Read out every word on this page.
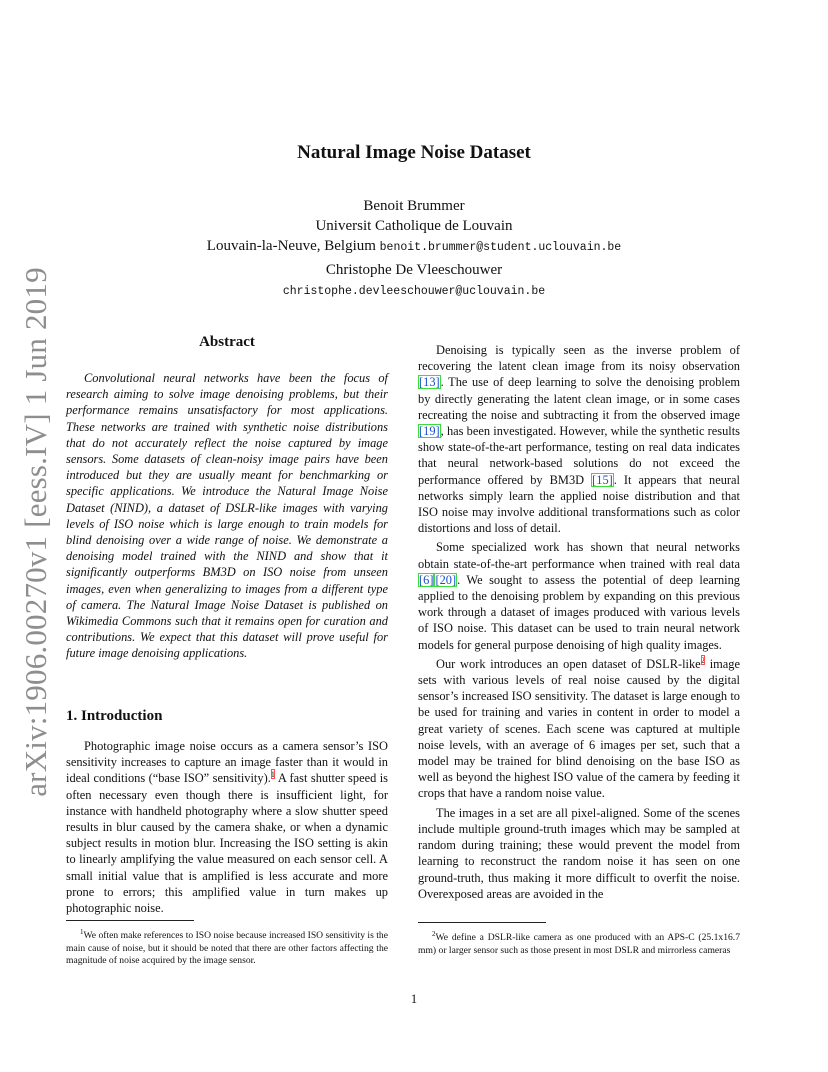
arXiv:1906.00270v1 [eess.IV] 1 Jun 2019
Natural Image Noise Dataset
Benoit Brummer
Universit Catholique de Louvain
Louvain-la-Neuve, Belgium benoit.brummer@student.uclouvain.be
Christophe De Vleeschouwer
christophe.devleeschouwer@uclouvain.be
Abstract
Convolutional neural networks have been the focus of research aiming to solve image denoising problems, but their performance remains unsatisfactory for most applications. These networks are trained with synthetic noise distributions that do not accurately reflect the noise captured by image sensors. Some datasets of clean-noisy image pairs have been introduced but they are usually meant for benchmarking or specific applications. We introduce the Natural Image Noise Dataset (NIND), a dataset of DSLR-like images with varying levels of ISO noise which is large enough to train models for blind denoising over a wide range of noise. We demonstrate a denoising model trained with the NIND and show that it significantly outperforms BM3D on ISO noise from unseen images, even when generalizing to images from a different type of camera. The Natural Image Noise Dataset is published on Wikimedia Commons such that it remains open for curation and contributions. We expect that this dataset will prove useful for future image denoising applications.
1. Introduction

Photographic image noise occurs as a camera sensor’s ISO sensitivity increases to capture an image faster than it would in ideal conditions (“base ISO” sensitivity).$^1$ A fast shutter speed is often necessary even though there is insufficient light, for instance with handheld photography where a slow shutter speed results in blur caused by the camera shake, or when a dynamic subject results in motion blur. Increasing the ISO setting is akin to linearly amplifying the value measured on each sensor cell. A small initial value that is amplified is less accurate and more prone to errors; this amplified value in turn makes up photographic noise.

Denoising is typically seen as the inverse problem of recovering the latent clean image from its noisy observation [13]. The use of deep learning to solve the denoising problem by directly generating the latent clean image, or in some cases recreating the noise and subtracting it from the observed image [19], has been investigated. However, while the synthetic results show state-of-the-art performance, testing on real data indicates that neural network-based solutions do not exceed the performance offered by BM3D [15]. It appears that neural networks simply learn the applied noise distribution and that ISO noise may involve additional transformations such as color distortions and loss of detail.

Some specialized work has shown that neural networks obtain state-of-the-art performance when trained with real data [6] [20]. We sought to assess the potential of deep learning applied to the denoising problem by expanding on this previous work through a dataset of images produced with various levels of ISO noise. This dataset can be used to train neural network models for general purpose denoising of high quality images.

Our work introduces an open dataset of DSLR-like$^2$ image sets with various levels of real noise caused by the digital sensor’s increased ISO sensitivity. The dataset is large enough to be used for training and varies in content in order to model a great variety of scenes. Each scene was captured at multiple noise levels, with an average of 6 images per set, such that a model may be trained for blind denoising on the base ISO as well as beyond the highest ISO value of the camera by feeding it crops that have a random noise value.

The images in a set are all pixel-aligned. Some of the scenes include multiple ground-truth images which may be sampled at random during training; these would prevent the model from learning to reconstruct the random noise it has seen on one ground-truth, thus making it more difficult to overfit the noise. Overexposed areas are avoided in the

$^1$We often make references to ISO noise because increased ISO sensitivity is the main cause of noise, but it should be noted that there are other factors affecting the magnitude of noise acquired by the image sensor.
$^2$We define a DSLR-like camera as one produced with an APS-C (25.1x16.7 mm) or larger sensor such as those present in most DSLR and mirrorless cameras
1
